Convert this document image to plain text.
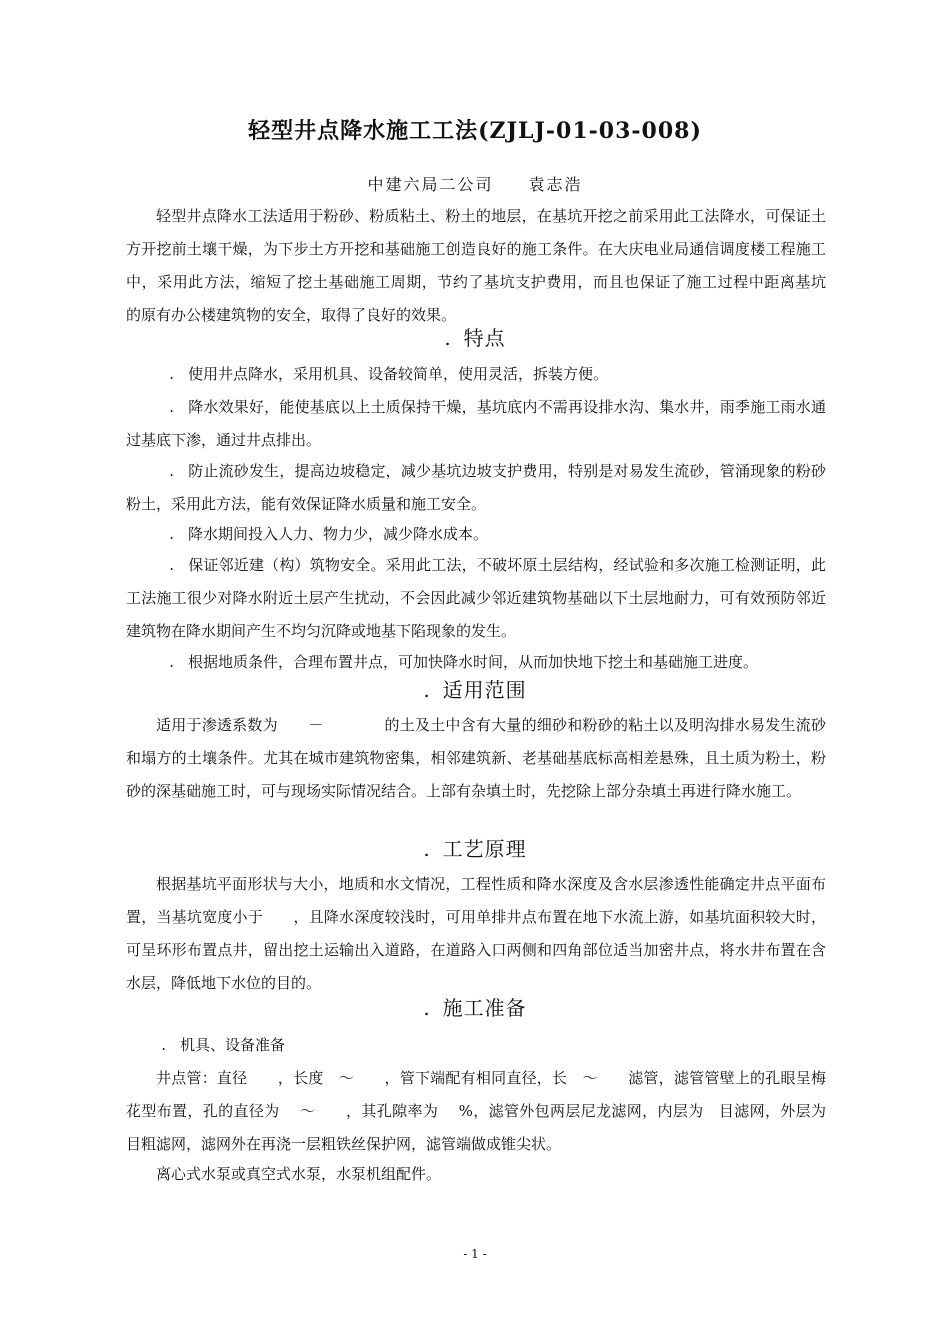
轻型井点降水施工工法(ZJLJ-01-03-008)
中建六局二公司 袁志浩

轻型井点降水工法适用于粉砂、粉质粘土、粉土的地层，在基坑开挖之前采用此工法降水，可保证土方开挖前土壤干燥，为下步土方开挖和基础施工创造良好的施工条件。在大庆电业局通信调度楼工程施工中，采用此方法，缩短了挖土基础施工周期，节约了基坑支护费用，而且也保证了施工过程中距离基坑　　的原有办公楼建筑物的安全，取得了良好的效果。

. 特点

. 使用井点降水，采用机具、设备较简单，使用灵活，拆装方便。

. 降水效果好，能使基底以上土质保持干燥，基坑底内不需再设排水沟、集水井，雨季施工雨水通过基底下渗，通过井点排出。

. 防止流砂发生，提高边坡稳定，减少基坑边坡支护费用，特别是对易发生流砂，管涌现象的粉砂粉土，采用此方法，能有效保证降水质量和施工安全。

. 降水期间投入人力、物力少，减少降水成本。

. 保证邻近建（构）筑物安全。采用此工法，不破坏原土层结构，经试验和多次施工检测证明，此工法施工很少对降水附近土层产生扰动，不会因此减少邻近建筑物基础以下土层地耐力，可有效预防邻近建筑物在降水期间产生不均匀沉降或地基下陷现象的发生。

. 根据地质条件，合理布置井点，可加快降水时间，从而加快地下挖土和基础施工进度。

. 适用范围

适用于渗透系数为　　－　　　　的土及土中含有大量的细砂和粉砂的粘土以及明沟排水易发生流砂和塌方的土壤条件。尤其在城市建筑物密集，相邻建筑新、老基础基底标高相差悬殊，且土质为粉土，粉砂的深基础施工时，可与现场实际情况结合。上部有杂填土时，先挖除上部分杂填土再进行降水施工。

. 工艺原理

根据基坑平面形状与大小，地质和水文情况，工程性质和降水深度及含水层渗透性能确定井点平面布置，当基坑宽度小于　　，且降水深度较浅时，可用单排井点布置在地下水流上游，如基坑面积较大时，可呈环形布置点井，留出挖土运输出入道路，在道路入口两侧和四角部位适当加密井点，将水井布置在含水层，降低地下水位的目的。

. 施工准备

. 机具、设备准备

井点管：直径　　，长度　～　　，管下端配有相同直径，长　～　　滤管，滤管管壁上的孔眼呈梅花型布置，孔的直径为　 ～　　，其孔隙率为　 %，滤管外包两层尼龙滤网，内层为　目滤网，外层为　 目粗滤网，滤网外在再浇一层粗铁丝保护网，滤管端做成锥尖状。

离心式水泵或真空式水泵，水泵机组配件。

- 1 -
